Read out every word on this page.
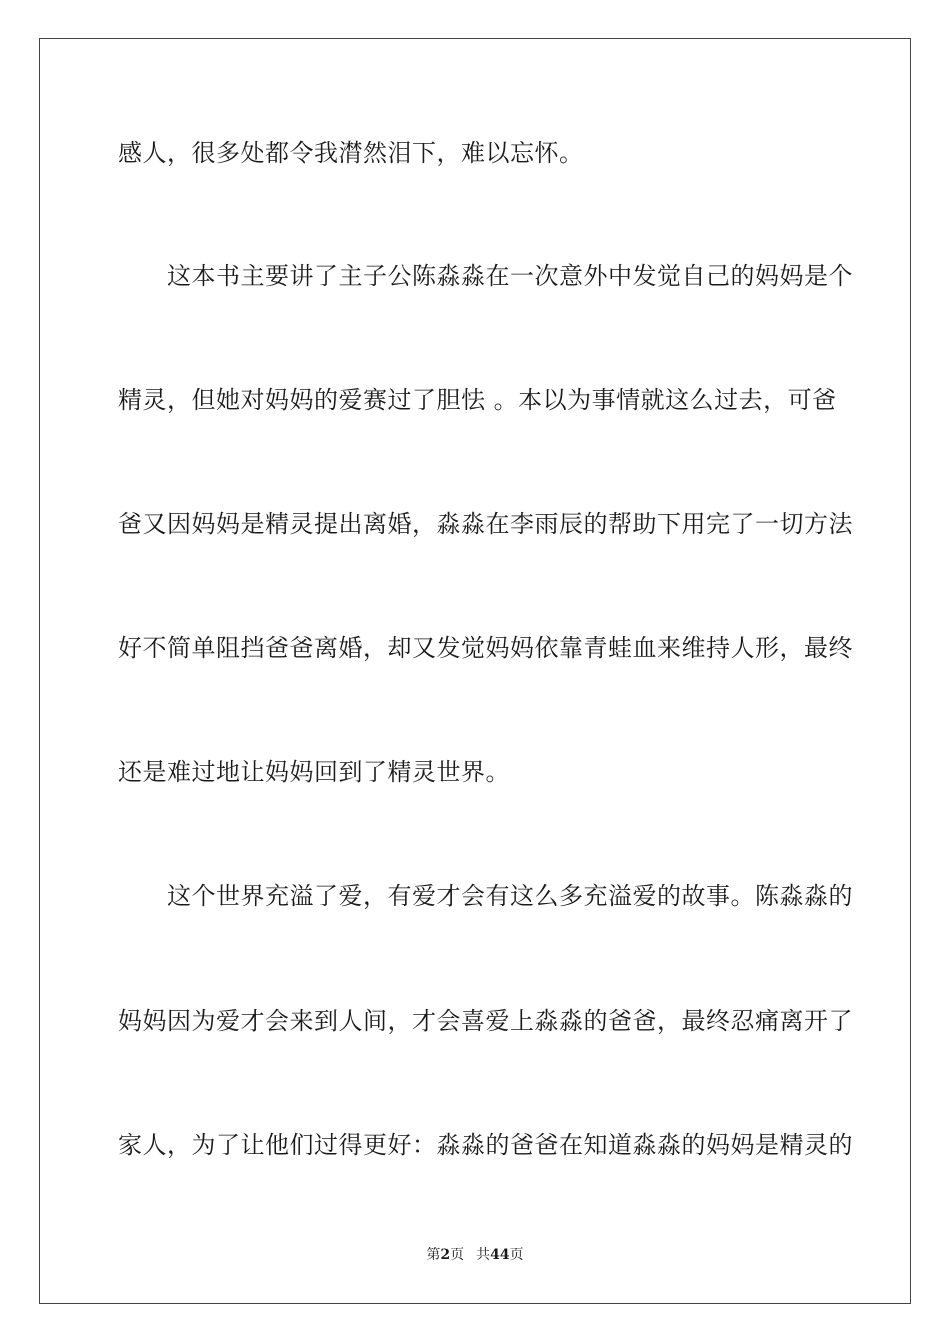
感人，很多处都令我潸然泪下，难以忘怀。
　　这本书主要讲了主子公陈淼淼在一次意外中发觉自己的妈妈是个
精灵，但她对妈妈的爱赛过了胆怯 。本以为事情就这么过去，可爸
爸又因妈妈是精灵提出离婚，淼淼在李雨辰的帮助下用完了一切方法
好不简单阻挡爸爸离婚，却又发觉妈妈依靠青蛙血来维持人形，最终
还是难过地让妈妈回到了精灵世界。
　　这个世界充溢了爱，有爱才会有这么多充溢爱的故事。陈淼淼的
妈妈因为爱才会来到人间，才会喜爱上淼淼的爸爸，最终忍痛离开了
家人，为了让他们过得更好：淼淼的爸爸在知道淼淼的妈妈是精灵的
第2页 共44页
